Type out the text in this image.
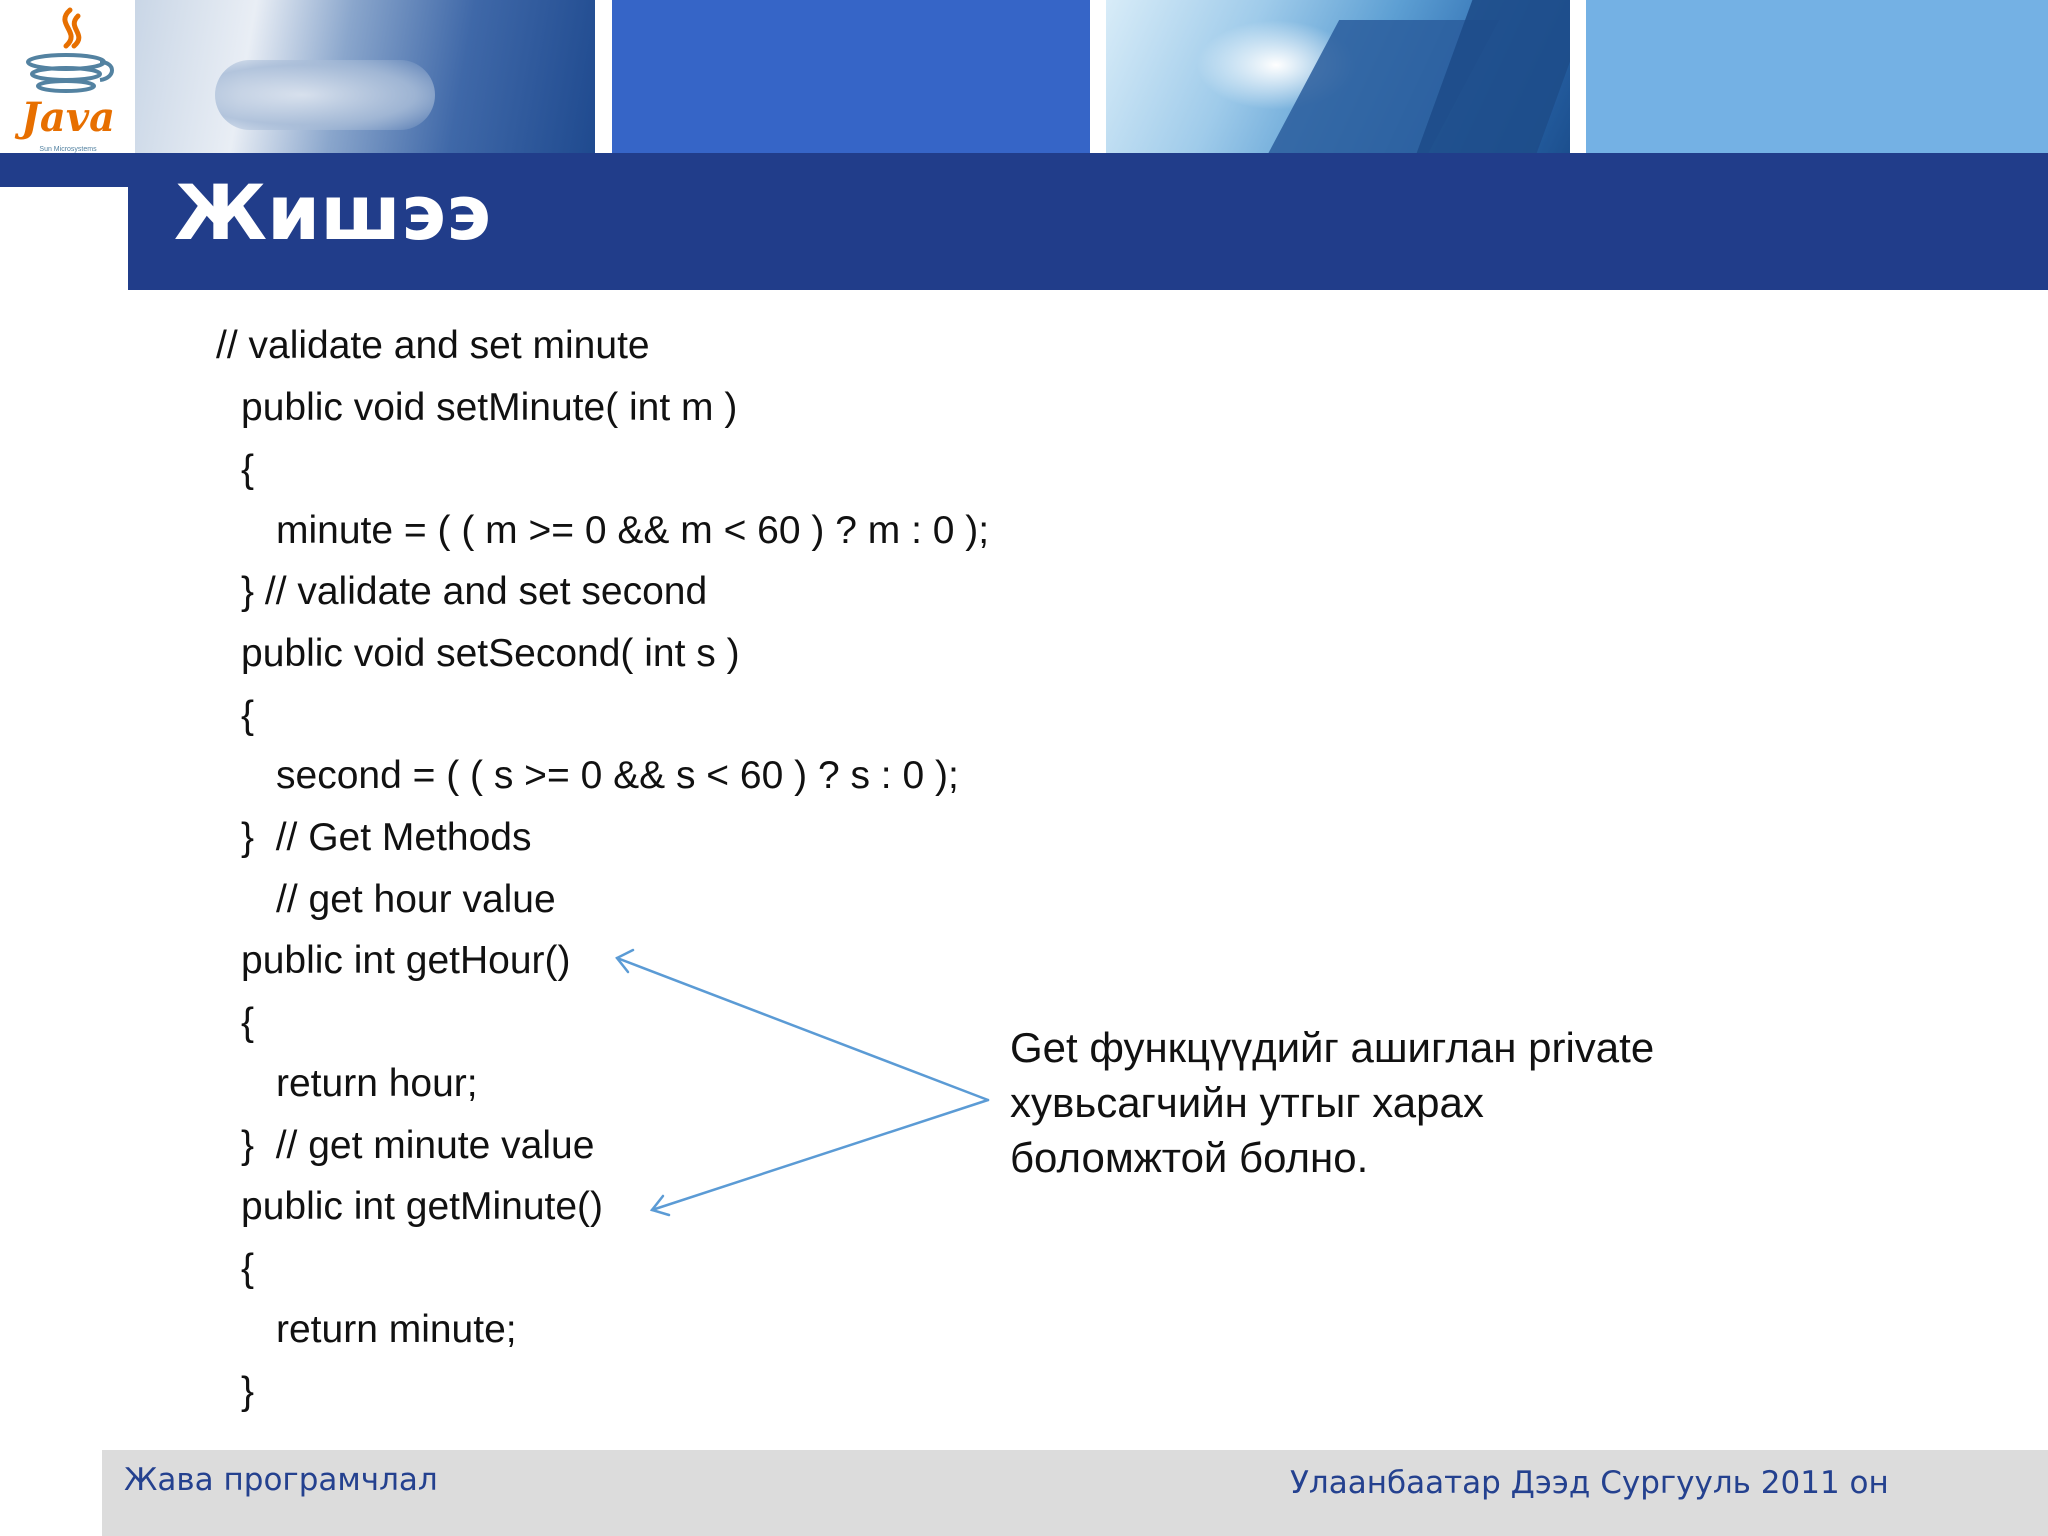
Жишээ
Java
Sun Microsystems
// validate and set minute
public void setMinute( int m )
{
minute = ( ( m >= 0 && m < 60 ) ? m : 0 );
} // validate and set second
public void setSecond( int s )
{
second = ( ( s >= 0 && s < 60 ) ? s : 0 );
}  // Get Methods
// get hour value
public int getHour()
{
return hour;
}  // get minute value
public int getMinute()
{
return minute;
}
Get функцүүдийг ашиглан private
хувьсагчийн утгыг харах
боломжтой болно.
Жава програмчлал	Улаанбаатар Дээд Сургууль 2011 он
